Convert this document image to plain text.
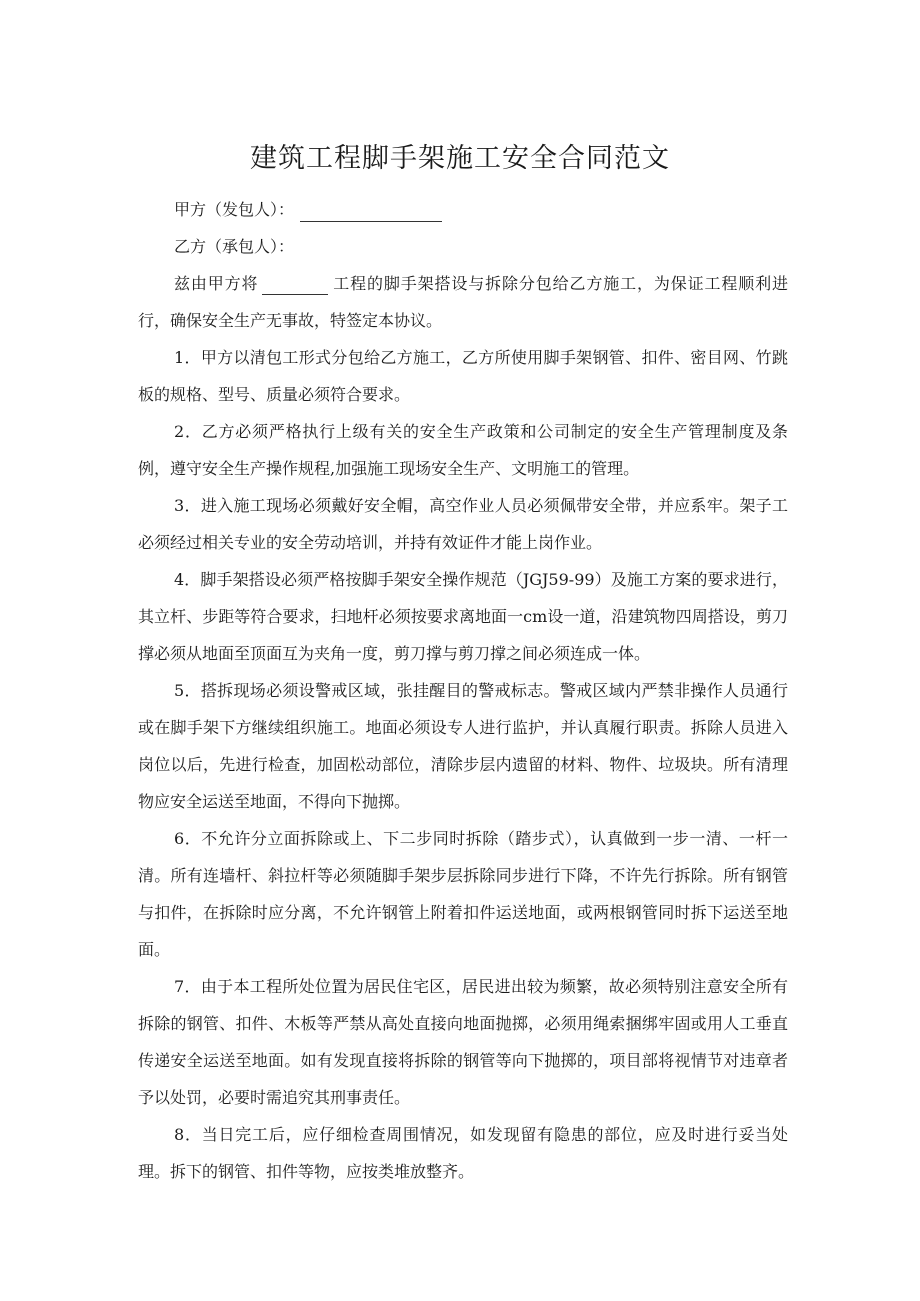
建筑工程脚手架施工安全合同范文

甲方（发包人）：

乙方（承包人）：

兹由甲方将	工程的脚手架搭设与拆除分包给乙方施工，为保证工程顺利进行，确保安全生产无事故，特签定本协议。

1．甲方以清包工形式分包给乙方施工，乙方所使用脚手架钢管、扣件、密目网、竹跳板的规格、型号、质量必须符合要求。

2．乙方必须严格执行上级有关的安全生产政策和公司制定的安全生产管理制度及条例，遵守安全生产操作规程,加强施工现场安全生产、文明施工的管理。

3．进入施工现场必须戴好安全帽，高空作业人员必须佩带安全带，并应系牢。架子工必须经过相关专业的安全劳动培训，并持有效证件才能上岗作业。

4．脚手架搭设必须严格按脚手架安全操作规范（JGJ59-99）及施工方案的要求进行，其立杆、步距等符合要求，扫地杆必须按要求离地面一cm设一道，沿建筑物四周搭设，剪刀撑必须从地面至顶面互为夹角一度，剪刀撑与剪刀撑之间必须连成一体。

5．搭拆现场必须设警戒区域，张挂醒目的警戒标志。警戒区域内严禁非操作人员通行或在脚手架下方继续组织施工。地面必须设专人进行监护，并认真履行职责。拆除人员进入岗位以后，先进行检查，加固松动部位，清除步层内遗留的材料、物件、垃圾块。所有清理物应安全运送至地面，不得向下抛掷。

6．不允许分立面拆除或上、下二步同时拆除（踏步式），认真做到一步一清、一杆一清。所有连墙杆、斜拉杆等必须随脚手架步层拆除同步进行下降，不许先行拆除。所有钢管与扣件，在拆除时应分离，不允许钢管上附着扣件运送地面，或两根钢管同时拆下运送至地面。

7．由于本工程所处位置为居民住宅区，居民进出较为频繁，故必须特别注意安全所有拆除的钢管、扣件、木板等严禁从高处直接向地面抛掷，必须用绳索捆绑牢固或用人工垂直传递安全运送至地面。如有发现直接将拆除的钢管等向下抛掷的，项目部将视情节对违章者予以处罚，必要时需追究其刑事责任。

8．当日完工后，应仔细检查周围情况，如发现留有隐患的部位，应及时进行妥当处理。拆下的钢管、扣件等物，应按类堆放整齐。
